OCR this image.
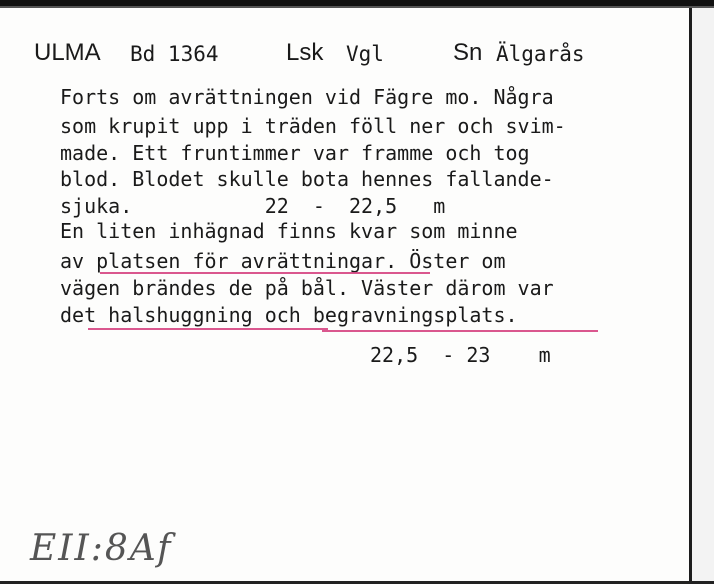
ULMA Bd 1364	Lsk Vgl	Sn Älgarås
Forts om avrättningen vid Fägre mo. Några
som krupit upp i träden föll ner och svim-
made. Ett fruntimmer var framme och tog
blod. Blodet skulle bota hennes fallande-
sjuka.           22  -  22,5   m
En liten inhägnad finns kvar som minne
av platsen för avrättningar. Öster om
vägen brändes de på bål. Väster därom var
det halshuggning och begravningsplats.
22,5  - 23    m
EII:8Af
